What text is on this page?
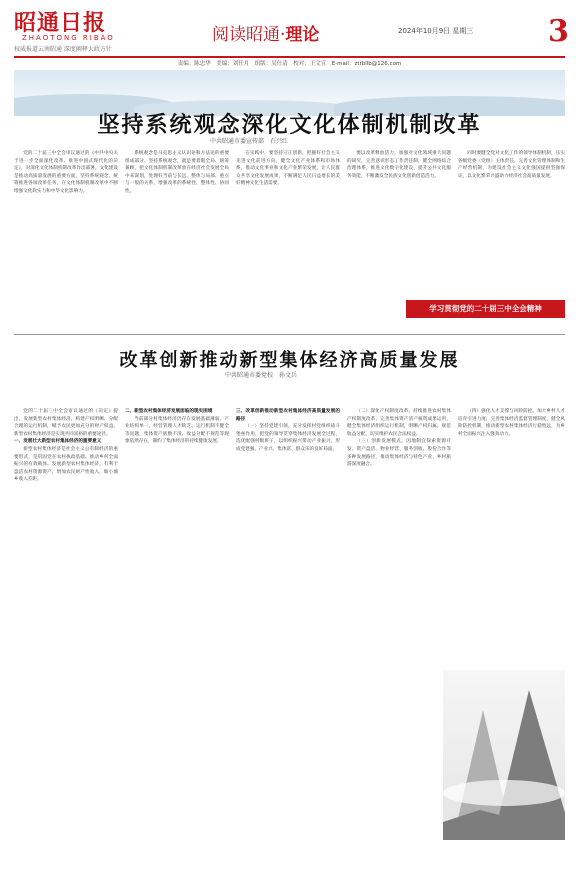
昭通日报
ZHAOTONG RIBAO
权威报道云南昭通 深度阐释大政方针
阅读昭通·理论	2024年10月9日 星期三 3
责编：陈忠华　美编：刘任月　组版：吴仕清　校对：王文宣　E-mail：ztrbllb@126.com
坚持系统观念深化文化体制机制改革
中共昭通市委宣传部　石兴红

党的二十届三中全会审议通过的《中共中央关于进一步全面深化改革、推进中国式现代化的决定》，对深化文化体制机制改革作出部署。文化建设是推动高质量发展的重要方面，坚持系统观念，统筹推进各项改革任务，在文化体制机制改革中不断增强文化软实力和中华文化影响力。

系统观念是马克思主义认识论和方法论的重要组成部分。坚持系统观念，就是要着眼全局、统筹兼顾，把文化体制机制改革放在经济社会发展全局中来谋划，处理好当前与长远、整体与局部、重点与一般的关系，增强改革的系统性、整体性、协同性。

在实践中，要坚持守正创新，把握好社会主义先进文化前进方向，健全文化产业体系和市场体系，推动文化事业和文化产业繁荣发展，让人民群众共享文化发展成果，不断满足人民日益增长的美好精神文化生活需要。

要以改革释放活力，加强对文化领域重大问题的研究，完善意识形态工作责任制，健全网络综合治理体系，推进文化数字化建设，提升公共文化服务效能，不断激发全民族文化创新创造活力。

同时要健全党对文化工作的领导体制机制，压实各级党委（党组）主体责任，完善文化管理体制和生产经营机制，为建设社会主义文化强国提供坚强保证，以文化繁荣兴盛助力经济社会高质量发展。

学习贯彻党的二十届三中全会精神
改革创新推动新型集体经济高质量发展
中共昭通市委党校　孙文兵

党的二十届三中全会审议通过的《决定》提出，发展新型农村集体经济，构建产权明晰、分配合理的运行机制，赋予农民更加充分的财产权益。新型农村集体经济是实现共同富裕的重要途径。

一、发展壮大新型农村集体经济的重要意义

新型农村集体经济是社会主义公有制经济的重要形式，是巩固党在农村执政基础、推动乡村全面振兴的有效载体。发展新型农村集体经济，有利于盘活农村资源资产，增加农民财产性收入，缩小城乡收入差距。

二、新型农村集体经济发展面临的现实困境

当前部分村集体经济仍存在发展基础薄弱、产业结构单一、经营管理人才缺乏、运行机制不健全等问题，集体资产底数不清、收益分配不规范等现象依然存在，制约了集体经济的持续健康发展。

三、改革创新推动新型农村集体经济高质量发展的路径

（一）坚持党建引领。充分发挥村党组织战斗堡垒作用，把党的领导贯穿集体经济发展全过程，选优配强村级班子，以组织振兴带动产业振兴，形成党建强、产业兴、集体富、群众乐的良好局面。

（二）深化产权制度改革。持续推进农村集体产权制度改革，完善集体资产清产核资成果运用，健全集体经济组织运行机制，明晰产权归属，规范收益分配，切实维护农民合法权益。

（三）创新发展模式。因地制宜探索资源开发、资产盘活、物业经营、服务创收、股份合作等多种发展路径，推动集体经济与特色产业、乡村旅游深度融合。

（四）强化人才支撑与风险防控。加大乡村人才培育引进力度，完善集体经济监督管理制度，健全风险防控机制，推动新型农村集体经济行稳致远，为乡村全面振兴注入强劲动力。
